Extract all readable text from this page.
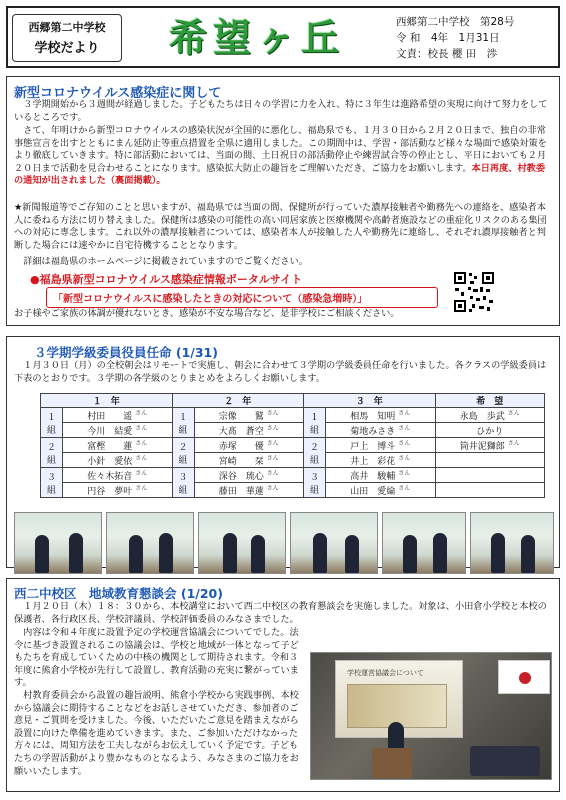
西郷第二中学校
学校だより	希望ヶ丘	西郷第二中学校　 第28号
令 和　4年　1月31日
文責：校長 櫻 田　渉
新型コロナウイルス感染症に関して
　３学期開始から３週間が経過しました。子どもたちは日々の学習に力を入れ、特に３年生は進路希望の実現に向けて努力をしているところです。
　さて、年明けから新型コロナウイルスの感染状況が全国的に悪化し、福島県でも、１月３０日から２月２０日まで、独自の非常事態宣言を出すとともにまん延防止等重点措置を全県に適用しました。この期間中は、学習・部活動など様々な場面で感染対策をより徹底していきます。特に部活動においては、当面の間、土日祝日の部活動停止や練習試合等の停止とし、平日においても２月２０日まで活動を見合わせることになります。感染拡大防止の趣旨をご理解いただき、ご協力をお願いします。本日再度、村教委の通知が出されました（裏面掲載）。
★新聞報道等でご存知のことと思いますが、福島県では当面の間、保健所が行っていた濃厚接触者や勤務先への連絡を、感染者本人に委ねる方法に切り替えました。保健所は感染の可能性の高い同居家族と医療機関や高齢者施設などの重症化リスクのある集団への対応に専念します。これ以外の濃厚接触者については、感染者本人が接触した人や勤務先に連絡し、それぞれ濃厚接触者と判断した場合には速やかに自宅待機することとなります。
　詳細は福島県のホームページに掲載されていますのでご覧ください。
●福島県新型コロナウイルス感染症情報ポータルサイト
「新型コロナウイルスに感染したときの対応について（感染急増時）」
お子様やご家族の体調が優れないとき、感染が不安な場合など、是非学校にご相談ください。
３学期学級委員役員任命 (1/31)
　１月３０日（月）の全校朝会はリモートで実施し、朝会に合わせて３学期の学級委員任命を行いました。各クラスの学級委員は下表のとおりです。３学期の各学級のとりまとめをよろしくお願いします。
１　年		２　年		３　年		希　望
１組	村田　　遥 $^{さん}$	１組	宗像　　鷲 $^{さん}$	１組	相馬　知明 $^{さん}$	永島　歩武 $^{さん}$
	今川　結愛 $^{さん}$		大髙　蒼空 $^{さん}$		菊地みさき $^{さん}$	ひかり
２組	富樫　　蓮 $^{さん}$	２組	赤塚　　優 $^{さん}$	２組	戸上　博斗 $^{さん}$	筒井泥獅郎 $^{さん}$
	小針　愛依 $^{さん}$		宮崎　　栞 $^{さん}$		井上　彩花 $^{さん}$	
３組	佐々木拓音 $^{さん}$	３組	深谷　琉心 $^{さん}$	３組	高井　駿輔 $^{さん}$	
	円谷　夢叶 $^{さん}$		藤田　華蓮 $^{さん}$		山田　愛綸 $^{さん}$	
西二中校区　地域教育懇談会 (1/20)
　１月２０日（木）１８：３０から、本校講堂において西二中校区の教育懇談会を実施しました。対象は、小田倉小学校と本校の保護者、各行政区長、学校評議員、学校評価委員のみなさまでした。
　内容は令和４年度に設置予定の学校運営協議会についてでした。法令に基づき設置されるこの協議会は、学校と地域が一体となって子どもたちを育成していくための中核の機関として期待されます。令和３年度に熊倉小学校が先行して設置し、教育活動の充実に繋がっています。
　村教育委員会から設置の趣旨説明、熊倉小学校から実践事例、本校から協議会に期待することなどをお話しさせていただき、参加者のご意見・ご質問を受けました。今後、いただいたご意見を踏まえながら設置に向けた準備を進めていきます。また、ご参加いただけなかった方々には、周知方法を工夫しながらお伝えしていく予定です。子どもたちの学習活動がより豊かなものとなるよう、みなさまのご協力をお願いいたします。
学校運営協議会について
